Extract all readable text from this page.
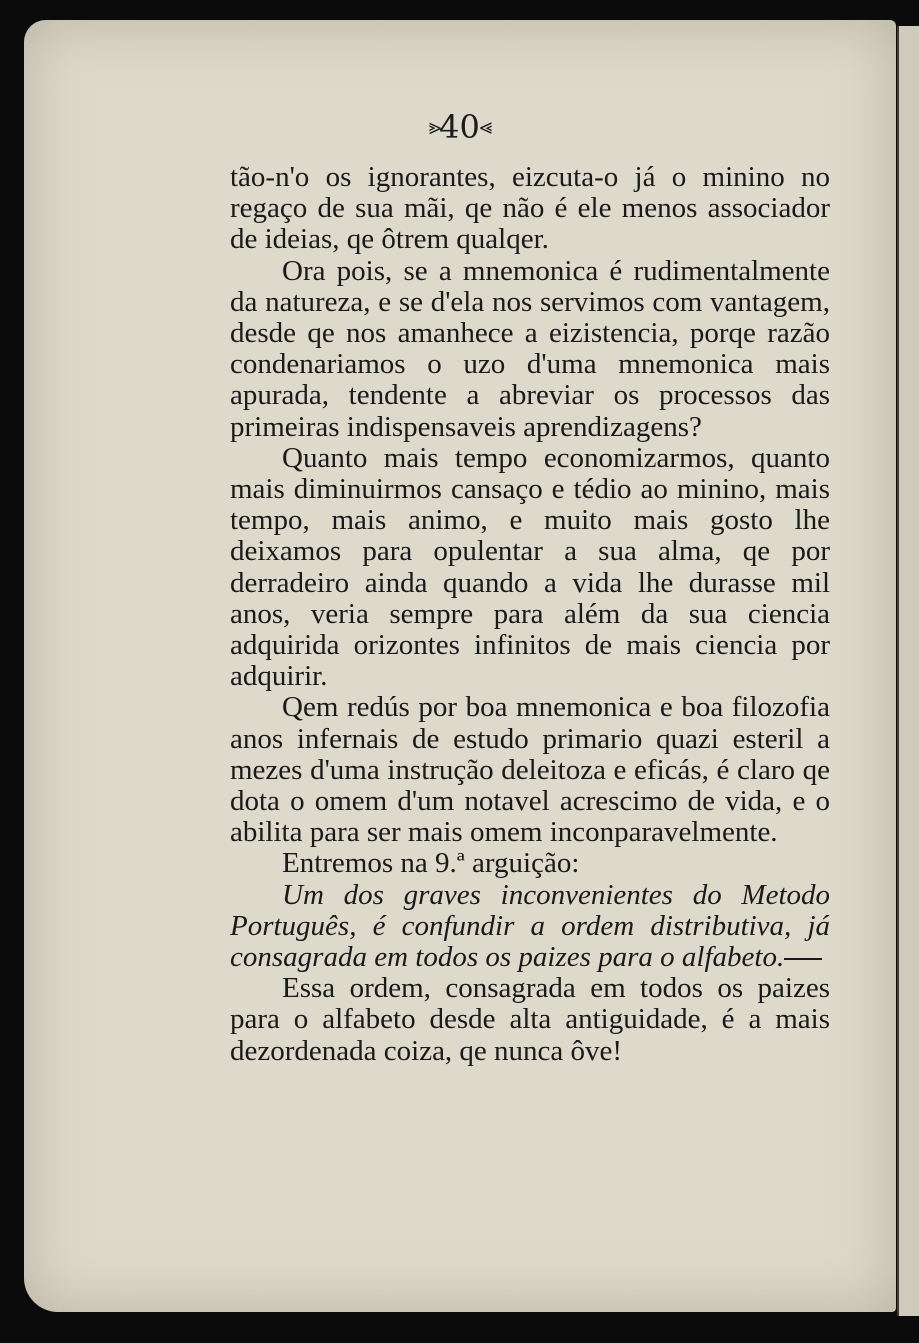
⪢40⪡

tão-n'o os ignorantes, eizcuta-o já o minino no regaço de sua mãi, qe não é ele menos associador de ideias, qe ôtrem qualqer.

Ora pois, se a mnemonica é rudimentalmente da natureza, e se d'ela nos servimos com vantagem, desde qe nos amanhece a eizistencia, porqe razão condenariamos o uzo d'uma mnemonica mais apurada, tendente a abreviar os processos das primeiras indispensaveis aprendizagens?

Quanto mais tempo economizarmos, quanto mais diminuirmos cansaço e tédio ao minino, mais tempo, mais animo, e muito mais gosto lhe deixamos para opulentar a sua alma, qe por derradeiro ainda quando a vida lhe durasse mil anos, veria sempre para além da sua ciencia adquirida orizontes infinitos de mais ciencia por adquirir.

Qem redús por boa mnemonica e boa filozofia anos infernais de estudo primario quazi esteril a mezes d'uma instrução deleitoza e eficás, é claro qe dota o omem d'um notavel acrescimo de vida, e o abilita para ser mais omem inconparavelmente.

Entremos na 9.ª arguição:

Um dos graves inconvenientes do Metodo Português, é confundir a ordem distributiva, já consagrada em todos os paizes para o alfabeto.

Essa ordem, consagrada em todos os paizes para o alfabeto desde alta antiguidade, é a mais dezordenada coiza, qe nunca ôve!
